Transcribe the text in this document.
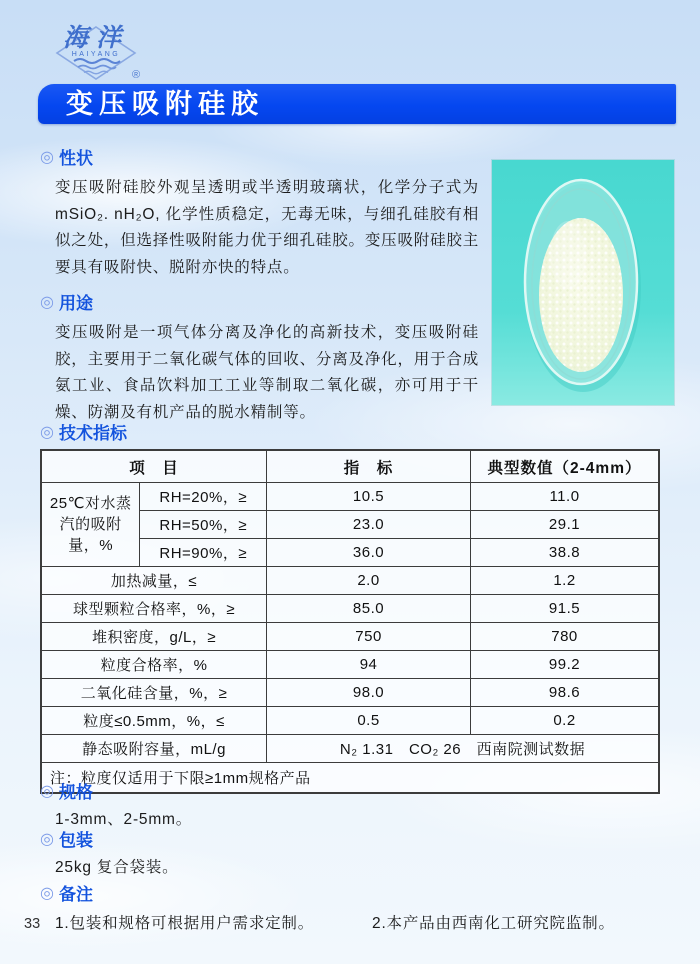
海洋
HAIYANG
®
变压吸附硅胶
◎ 性状

变压吸附硅胶外观呈透明或半透明玻璃状，化学分子式为mSiO₂. nH₂O, 化学性质稳定，无毒无味，与细孔硅胶有相似之处，但选择性吸附能力优于细孔硅胶。变压吸附硅胶主要具有吸附快、脱附亦快的特点。

◎ 用途

变压吸附是一项气体分离及净化的高新技术，变压吸附硅胶，主要用于二氧化碳气体的回收、分离及净化，用于合成氨工业、食品饮料加工工业等制取二氧化碳，亦可用于干燥、防潮及有机产品的脱水精制等。

◎ 技术指标
项　目		指　标	典型数值（2-4mm）
25℃对水蒸汽的吸附量，%	RH=20%，≥	10.5	11.0
	RH=50%，≥	23.0	29.1
	RH=90%，≥	36.0	38.8
加热减量，≤		2.0	1.2
球型颗粒合格率，%，≥		85.0	91.5
堆积密度，g/L，≥		750	780
粒度合格率，%		94	99.2
二氧化硅含量，%，≥		98.0	98.6
粒度≤0.5mm，%，≤		0.5	0.2
静态吸附容量，mL/g		N₂ 1.31　CO₂ 26　西南院测试数据	
注：粒度仅适用于下限≥1mm规格产品			
◎ 规格

1-3mm、2-5mm。

◎ 包装

25kg 复合袋装。

◎ 备注
1.包装和规格可根据用户需求定制。	2.本产品由西南化工研究院监制。
33
